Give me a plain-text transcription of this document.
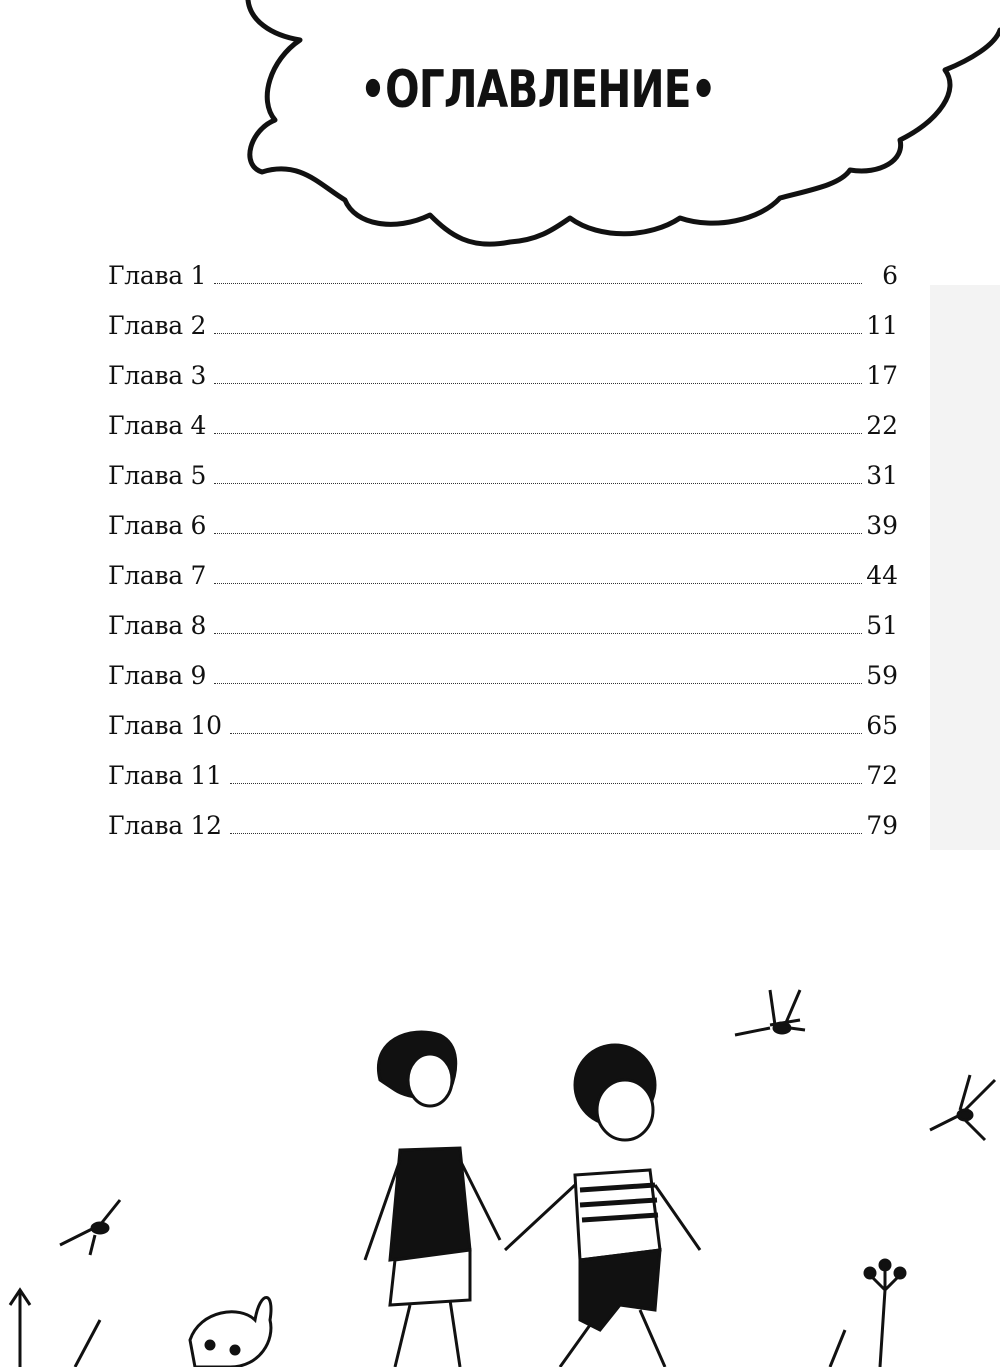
•ОГЛАВЛЕНИЕ•
Глава 1	6
Глава 2	11
Глава 3	17
Глава 4	22
Глава 5	31
Глава 6	39
Глава 7	44
Глава 8	51
Глава 9	59
Глава 10	65
Глава 11	72
Глава 12	79
